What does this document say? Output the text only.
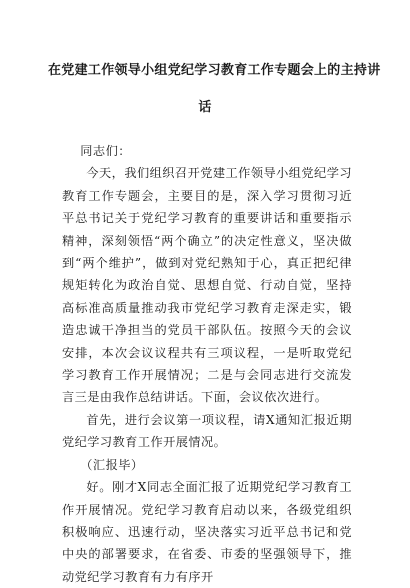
在党建工作领导小组党纪学习教育工作专题会上的主持讲
话

同志们：

今天，我们组织召开党建工作领导小组党纪学习教育工作专题会，主要目的是，深入学习贯彻习近平总书记关于党纪学习教育的重要讲话和重要指示精神，深刻领悟“两个确立”的决定性意义，坚决做到“两个维护”，做到对党纪熟知于心，真正把纪律规矩转化为政治自觉、思想自觉、行动自觉，坚持高标准高质量推动我市党纪学习教育走深走实，锻造忠诚干净担当的党员干部队伍。按照今天的会议安排，本次会议议程共有三项议程，一是听取党纪学习教育工作开展情况；二是与会同志进行交流发言三是由我作总结讲话。下面，会议依次进行。

首先，进行会议第一项议程，请X通知汇报近期党纪学习教育工作开展情况。

（汇报毕）

好。刚才X同志全面汇报了近期党纪学习教育工作开展情况。党纪学习教育启动以来，各级党组织积极响应、迅速行动，坚决落实习近平总书记和党中央的部署要求，在省委、市委的坚强领导下，推动党纪学习教育有力有序开
